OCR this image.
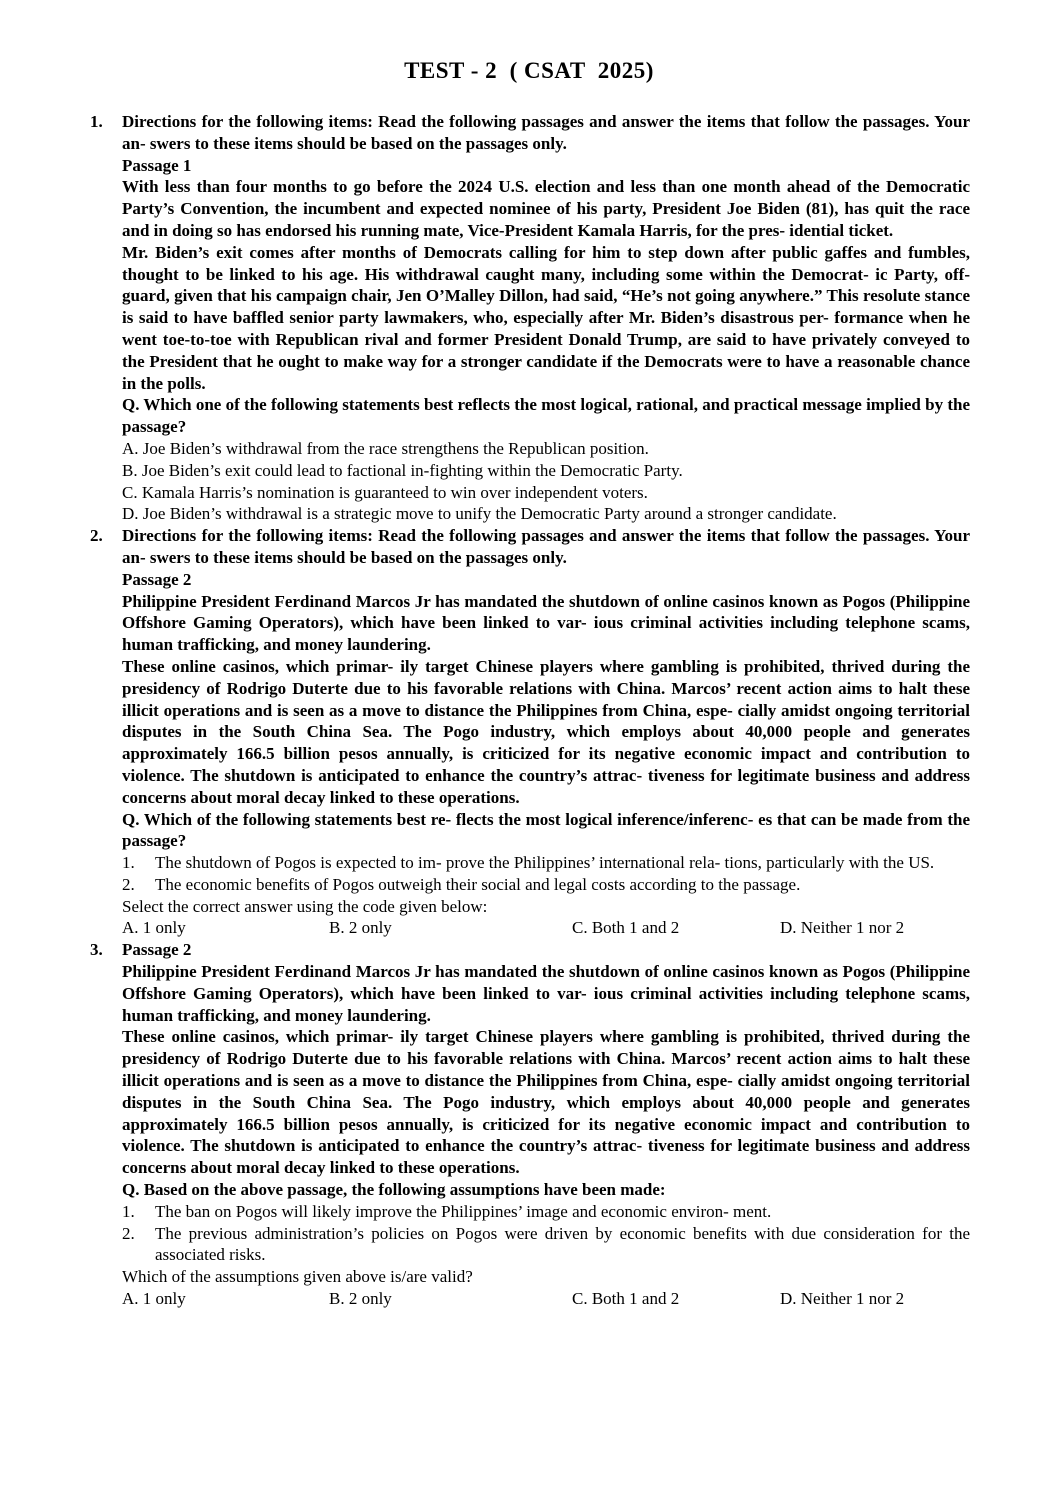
TEST - 2  ( CSAT  2025)
1.	Directions for the following items: Read the following passages and answer the items that follow the passages. Your an- swers to these items should be based on the passages only.
Passage 1
With less than four months to go before the 2024 U.S. election and less than one month ahead of the Democratic Party’s Convention, the incumbent and expected nominee of his party, President Joe Biden (81), has quit the race and in doing so has endorsed his running mate, Vice-President Kamala Harris, for the pres- idential ticket.
Mr. Biden’s exit comes after months of Democrats calling for him to step down after public gaffes and fumbles, thought to be linked to his age. His withdrawal caught many, including some within the Democrat- ic Party, off-guard, given that his campaign chair, Jen O’Malley Dillon, had said, “He’s not going anywhere.” This resolute stance is said to have baffled senior party lawmakers, who, especially after Mr. Biden’s disastrous per- formance when he went toe-to-toe with Republican rival and former President Donald Trump, are said to have privately conveyed to the President that he ought to make way for a stronger candidate if the Democrats were to have a reasonable chance in the polls.
Q. Which one of the following statements best reflects the most logical, rational, and practical message implied by the passage?
A. Joe Biden’s withdrawal from the race strengthens the Republican position.
B. Joe Biden’s exit could lead to factional in-fighting within the Democratic Party.
C. Kamala Harris’s nomination is guaranteed to win over independent voters.
D. Joe Biden’s withdrawal is a strategic move to unify the Democratic Party around a stronger candidate.
2.	Directions for the following items: Read the following passages and answer the items that follow the passages. Your an- swers to these items should be based on the passages only.
Passage 2
Philippine President Ferdinand Marcos Jr has mandated the shutdown of online casinos known as Pogos (Philippine Offshore Gaming Operators), which have been linked to var- ious criminal activities including telephone scams, human trafficking, and money laundering.
These online casinos, which primar- ily target Chinese players where gambling is prohibited, thrived during the presidency of Rodrigo Duterte due to his favorable relations with China. Marcos’ recent action aims to halt these illicit operations and is seen as a move to distance the Philippines from China, espe- cially amidst ongoing territorial disputes in the South China Sea. The Pogo industry, which employs about 40,000 people and generates approximately 166.5 billion pesos annually, is criticized for its negative economic impact and contribution to violence. The shutdown is anticipated to enhance the country’s attrac- tiveness for legitimate business and address concerns about moral decay linked to these operations.
Q. Which of the following statements best re- flects the most logical inference/inferenc- es that can be made from the passage?
1.	The shutdown of Pogos is expected to im- prove the Philippines’ international rela- tions, particularly with the US.
2.	The economic benefits of Pogos outweigh their social and legal costs according to the passage.
Select the correct answer using the code given below:
A. 1 only	B. 2 only	C. Both 1 and 2	D. Neither 1 nor 2
3.	Passage 2
Philippine President Ferdinand Marcos Jr has mandated the shutdown of online casinos known as Pogos (Philippine Offshore Gaming Operators), which have been linked to var- ious criminal activities including telephone scams, human trafficking, and money laundering.
These online casinos, which primar- ily target Chinese players where gambling is prohibited, thrived during the presidency of Rodrigo Duterte due to his favorable relations with China. Marcos’ recent action aims to halt these illicit operations and is seen as a move to distance the Philippines from China, espe- cially amidst ongoing territorial disputes in the South China Sea. The Pogo industry, which employs about 40,000 people and generates approximately 166.5 billion pesos annually, is criticized for its negative economic impact and contribution to violence. The shutdown is anticipated to enhance the country’s attrac- tiveness for legitimate business and address concerns about moral decay linked to these operations.
Q. Based on the above passage, the following assumptions have been made:
1.	The ban on Pogos will likely improve the Philippines’ image and economic environ- ment.
2.	The previous administration’s policies on Pogos were driven by economic benefits with due consideration for the associated risks.
Which of the assumptions given above is/are valid?
A. 1 only	B. 2 only	C. Both 1 and 2	D. Neither 1 nor 2
